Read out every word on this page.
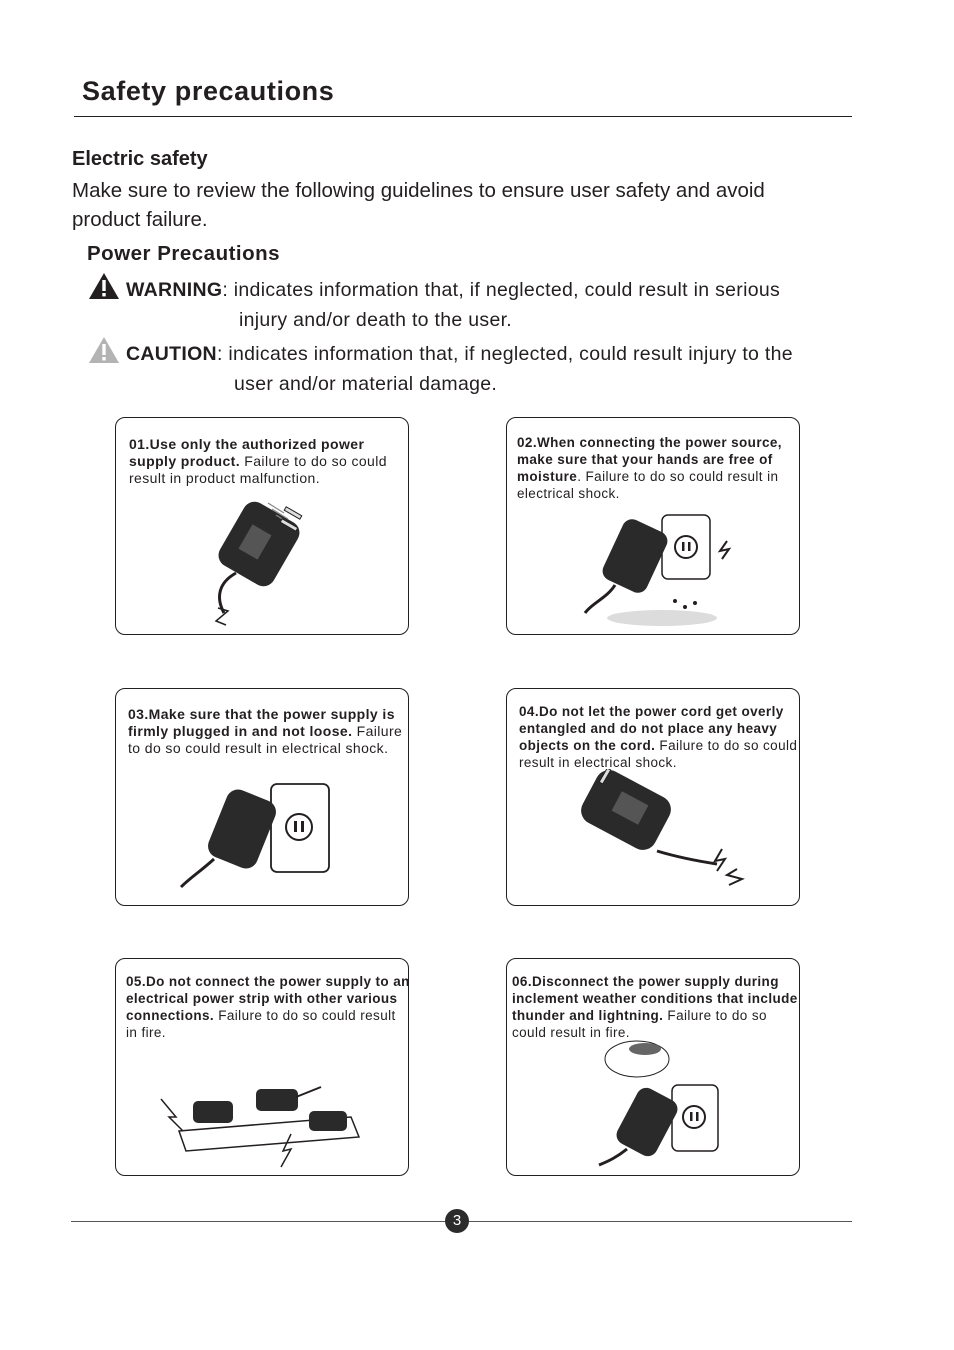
Safety precautions
Electric safety
Make sure to review the following guidelines to ensure user safety and avoid product failure.
Power Precautions
WARNING: indicates information that, if neglected, could result in serious
injury and/or death to the user.
CAUTION: indicates information that, if neglected, could result injury to the
user and/or material damage.
01.Use only the authorized power supply product. Failure to do so could result in product malfunction.
02.When connecting the power source, make sure that your hands are free of moisture. Failure to do so could result in electrical shock.
03.Make sure that the power supply is firmly plugged in and not loose. Failure to do so could result in electrical shock.
04.Do not let the power cord get overly entangled and do not place any heavy objects on the cord. Failure to do so could result in electrical shock.
05.Do not connect the power supply to an electrical power strip with other various connections. Failure to do so could result in fire.
06.Disconnect the power supply during inclement weather conditions that include thunder and lightning. Failure to do so could result in fire.
3
